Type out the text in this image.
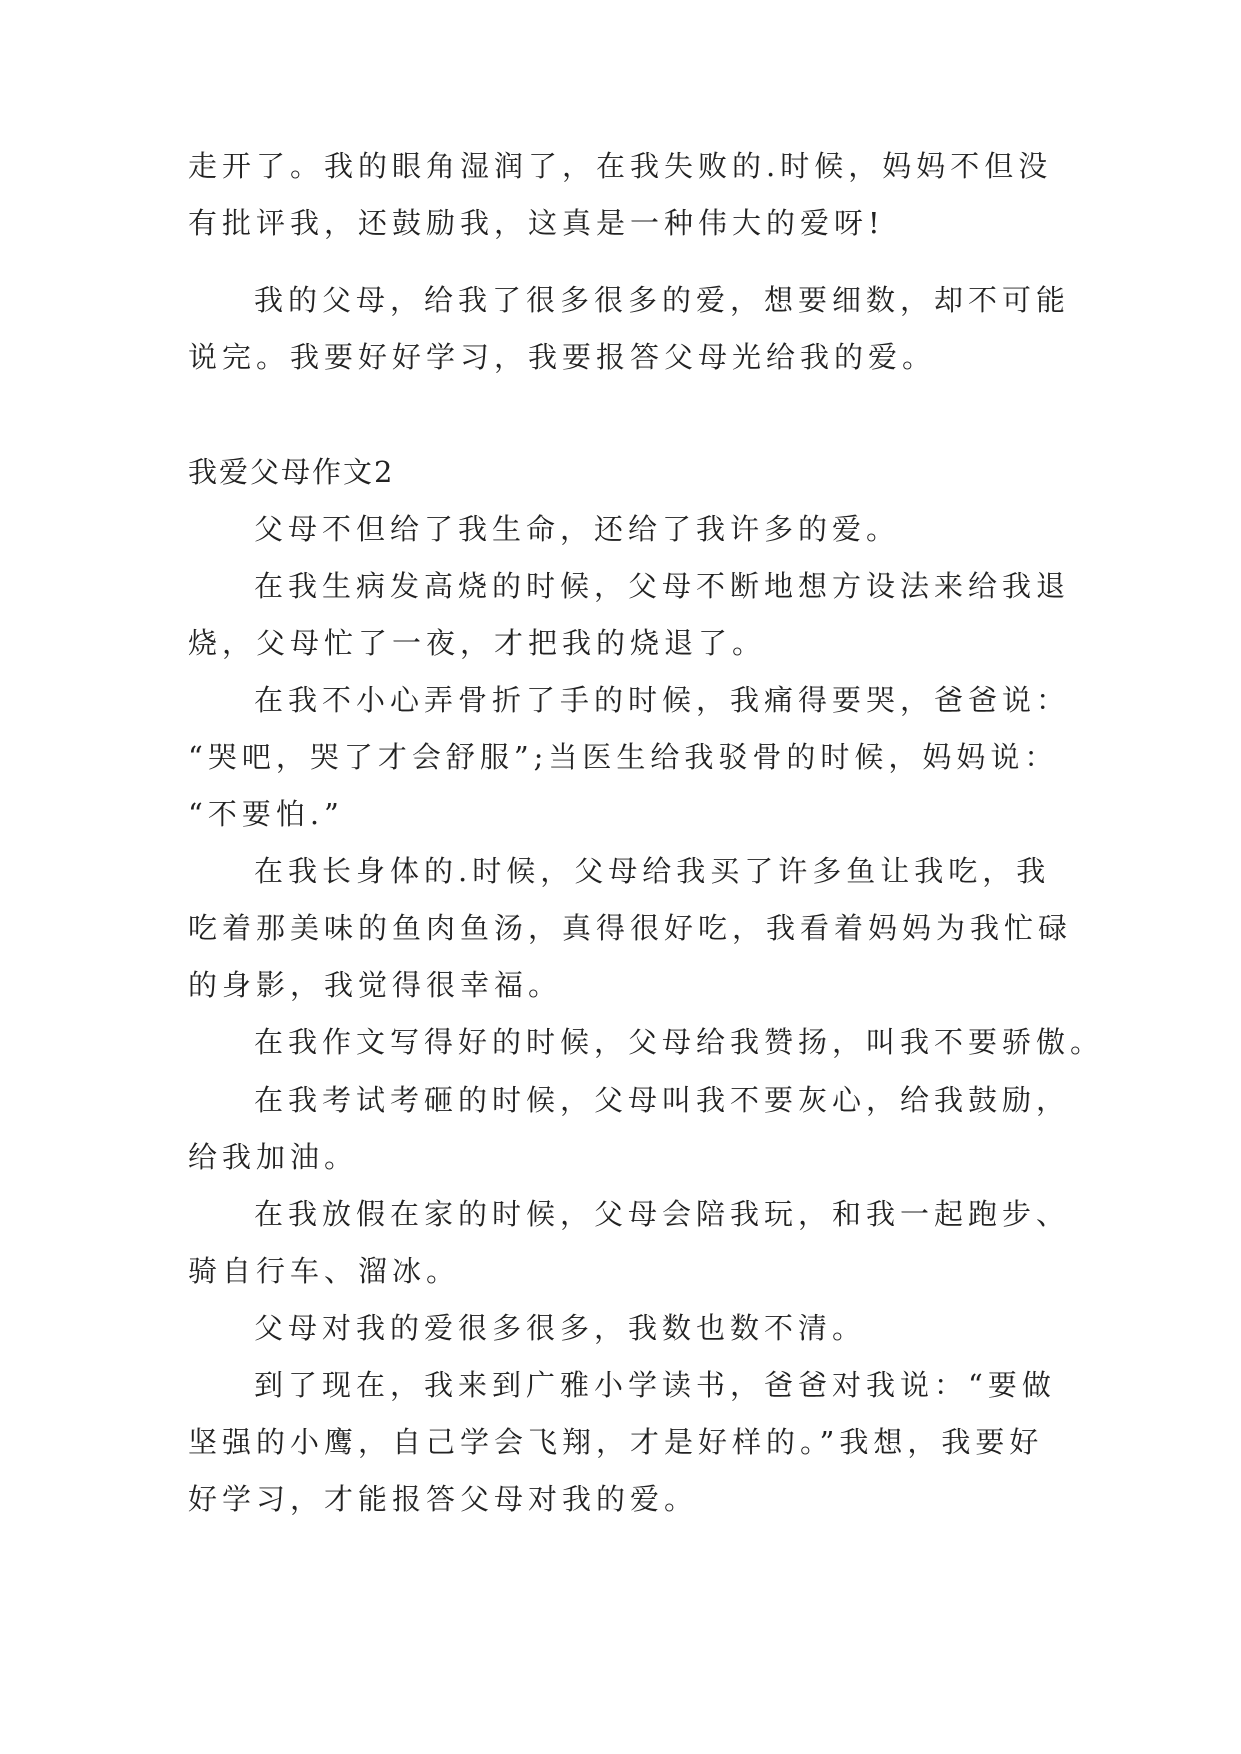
走开了。我的眼角湿润了，在我失败的.时候，妈妈不但没

有批评我，还鼓励我，这真是一种伟大的爱呀!

我的父母，给我了很多很多的爱，想要细数，却不可能

说完。我要好好学习，我要报答父母光给我的爱。

我爱父母作文2

父母不但给了我生命，还给了我许多的爱。

在我生病发高烧的时候，父母不断地想方设法来给我退

烧，父母忙了一夜，才把我的烧退了。

在我不小心弄骨折了手的时候，我痛得要哭，爸爸说：

“哭吧，哭了才会舒服”;当医生给我驳骨的时候，妈妈说：

“不要怕.”

在我长身体的.时候，父母给我买了许多鱼让我吃，我

吃着那美味的鱼肉鱼汤，真得很好吃，我看着妈妈为我忙碌

的身影，我觉得很幸福。

在我作文写得好的时候，父母给我赞扬，叫我不要骄傲。

在我考试考砸的时候，父母叫我不要灰心，给我鼓励，

给我加油。

在我放假在家的时候，父母会陪我玩，和我一起跑步、

骑自行车、溜冰。

父母对我的爱很多很多，我数也数不清。

到了现在，我来到广雅小学读书，爸爸对我说：“要做

坚强的小鹰，自己学会飞翔，才是好样的。”我想，我要好

好学习，才能报答父母对我的爱。
